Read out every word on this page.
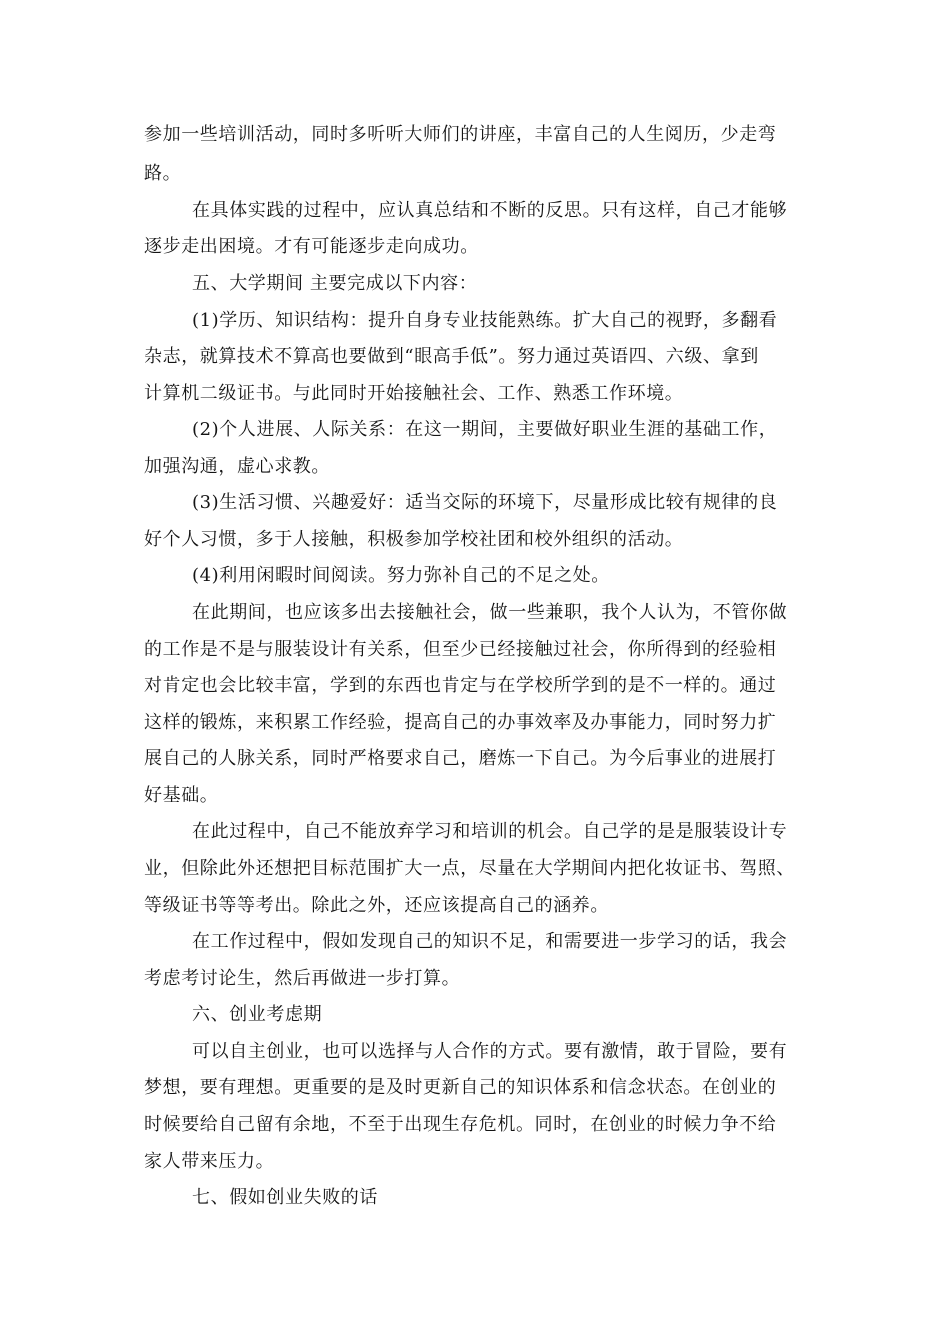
参加一些培训活动，同时多听听大师们的讲座，丰富自己的人生阅历，少走弯
路。
在具体实践的过程中，应认真总结和不断的反思。只有这样，自己才能够
逐步走出困境。才有可能逐步走向成功。
五、大学期间 主要完成以下内容：
(1)学历、知识结构：提升自身专业技能熟练。扩大自己的视野，多翻看
杂志，就算技术不算高也要做到“眼高手低”。努力通过英语四、六级、拿到
计算机二级证书。与此同时开始接触社会、工作、熟悉工作环境。
(2)个人进展、人际关系：在这一期间，主要做好职业生涯的基础工作，
加强沟通，虚心求教。
(3)生活习惯、兴趣爱好：适当交际的环境下，尽量形成比较有规律的良
好个人习惯，多于人接触，积极参加学校社团和校外组织的活动。
(4)利用闲暇时间阅读。努力弥补自己的不足之处。
在此期间，也应该多出去接触社会，做一些兼职，我个人认为，不管你做
的工作是不是与服装设计有关系，但至少已经接触过社会，你所得到的经验相
对肯定也会比较丰富，学到的东西也肯定与在学校所学到的是不一样的。通过
这样的锻炼，来积累工作经验，提高自己的办事效率及办事能力，同时努力扩
展自己的人脉关系，同时严格要求自己，磨炼一下自己。为今后事业的进展打
好基础。
在此过程中，自己不能放弃学习和培训的机会。自己学的是是服装设计专
业，但除此外还想把目标范围扩大一点，尽量在大学期间内把化妆证书、驾照、
等级证书等等考出。除此之外，还应该提高自己的涵养。
在工作过程中，假如发现自己的知识不足，和需要进一步学习的话，我会
考虑考讨论生，然后再做进一步打算。
六、创业考虑期
可以自主创业，也可以选择与人合作的方式。要有激情，敢于冒险，要有
梦想，要有理想。更重要的是及时更新自己的知识体系和信念状态。在创业的
时候要给自己留有余地，不至于出现生存危机。同时，在创业的时候力争不给
家人带来压力。
七、假如创业失败的话
